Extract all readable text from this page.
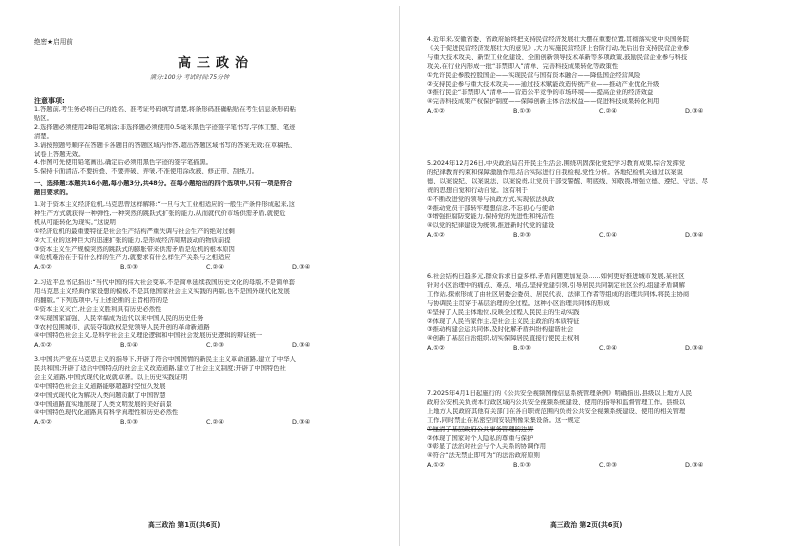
绝密★启用前
高三政治
满分:100分 考试时间:75分钟
注意事项:
1.答题前,考生务必将自己的姓名、准考证号码填写清楚,将条形码准确粘贴在考生信息条形码粘
贴区。
2.选择题必须使用2B铅笔填涂;非选择题必须使用0.5毫米黑色字迹签字笔书写,字体工整、笔迹
清楚。
3.请按照题号顺序在答题卡各题目的答题区域内作答,超出答题区域书写的答案无效;在草稿纸、
试卷上答题无效。
4.作图可先使用铅笔画出,确定后必须用黑色字迹的签字笔描黑。
5.保持卡面清洁,不要折叠、不要弄破、弄皱,不准使用涂改液、修正带、刮纸刀。
一、选择题:本题共16小题,每小题3分,共48分。在每小题给出的四个选项中,只有一项是符合
题目要求的。
1.对于资本主义经济危机,马克思曾这样解释:“一旦与大工业相适应的一般生产条件形成起来,这
种生产方式就获得一种弹性,一种突然的跳跃式扩张的能力,从而就代价市场供需矛盾,就使危
机从可能转化为现实。”这说明
①经济危机的最重要特征是社会生产结构严重失调与社会生产的绝对过剩
②大工业的这种巨大的迅速扩张的能力,是形成经济周期波动的物质前提
③资本主义生产规模突然的跳跃式的膨胀带来供需矛盾是危机的根本原因
④危机难治在于有什么样的生产力,就要求有什么样生产关系与之相适应
A.①②	B.①③	C.②④	D.③④
2.习近平总书记指出:“当代中国的伟大社会变革,不是简单延续我国历史文化的母版,不是简单套
用马克思主义经典作家设想的模板,不是其他国家社会主义实践的再版,也不是国外现代化发展
的翻版。”下列选项中,与上述论断的主旨相符的是
①资本主义灭亡,社会主义胜利具有历史必然性
②实现国家富强、人民幸福成为近代以来中国人民的历史任务
③农村包围城市、武装夺取政权是党领导人民开创的革命新道路
④中国特色社会主义,是科学社会主义理论逻辑和中国社会发展历史逻辑的辩证统一
A.①②	B.①④	C.②③	D.③④
3.中国共产党在马克思主义的指导下,开辟了符合中国国情的新民主主义革命道路,建立了中华人
民共和国;开辟了适合中国特点的社会主义改造道路,建立了社会主义制度;开辟了中国特色社
会主义道路,中国式现代化成就卓著。以上历史实践证明
①中国特色社会主义道路能够超越时空恒久发展
②中国式现代化为解决人类问题贡献了中国智慧
③中国道路直实地展现了人类文明发展的美好前景
④中国特色现代化道路具有科学真理性和历史必然性
A.①②	B.①③	C.②④	D.③④
高三政治 第1页(共6页)
4.近年来,安徽省委、省政府始终把支持民营经济发展壮大摆在重要位置,贯彻落实党中央国务院
《关于促进民营经济发展壮大的意见》,大力实施民营经济上台阶行动,先后出台支持民营企业参
与重大技术攻关、新型工业化建设、全面创新领导技术革新等多项政策,鼓励民营企业参与科技
攻关,在行业内形成一批“非禁即入”清单、完善科技成果转化等政策性
①允许民企参股控股国企——实现民营与国有资本融合——降低国企经营风险
②支持民企参与重大技术攻关——通过技术赋能改造传统产业——推动产业优化升级
③推行民企“非禁即入”清单——营造公平竞争的市场环境——提高企业的经济效益
④完善科技成果产权保护制度——保障创新主体合法权益——促进科技成果转化利用
A.①②	B.①③	C.②④	D.③④
5.2024年12月26日,中央政治局召开民主生活会,围绕巩固深化党纪学习教育成果,综合发挥党
的纪律教育约束和保障激励作用,结合实际进行自我检视,党性分析。各地纪检机关通过以案说
德、以案说纪、以案说法、以案说责,让党员干部受警醒、明底线、知敬畏,增强立德、遵纪、守法、尽
责的思想自觉和行动自觉。这有利于
①不断改进党的领导与执政方式,实现依法执政
②推动党员干部转牢理想信念,不忘初心与使命
③增强拒腐防变能力,保持党的先进性和纯洁性
④以党的纪律建设为统领,推进新时代党的建设
A.①②	B.②③	C.①④	D.③④
6.社会结构日趋多元,群众诉求日益多样,矛盾问题更加复杂……如何更好推进城市发展,某社区
针对小区治理中的痛点、难点、堵点,坚持党建引领,引导居民共同制定社区公约,组建矛盾调解
工作站,探索形成了由社区居委会委员、居民代表、法律工作者等组成的治理共同体,将民主协商
与协调民主贯穿于基层治理的全过程。这种小区治理共同体的形成
①坚持了人民主体地位,反映全过程人民民主的生动实践
②体现了人民当家作主,是社会主义民主政治的本质特征
③推动构建会运共同体,及时化解矛盾纠纷构建谐社会
④创新了基层自治组织,切实保障居民直接行使民主权利
A.①②	B.①③	C.②④	D.③④
7.2025年4月1日起施行的《公共安全视频图像信息系统管理条例》明确指出,县级以上地方人民
政府公安机关负责本行政区域内公共安全视频系统建设、使用的指导和监督管理工作。县级以
上地方人民政府其他有关部门在各自职责范围内负责公共安全视频系统建设、使用的相关管理
工作,同时禁止在私密空间安装图像采集设备。这一规定
①厘清了基层政府公共事务管理的边界
②体现了国家对个人隐私的尊重与保护
③彰显了法治对社会与个人关系的协调作用
④符合“法无禁止即可为”的法治政府原则
A.①②	B.①③	C.②③	D.③④
高三政治 第2页(共6页)
